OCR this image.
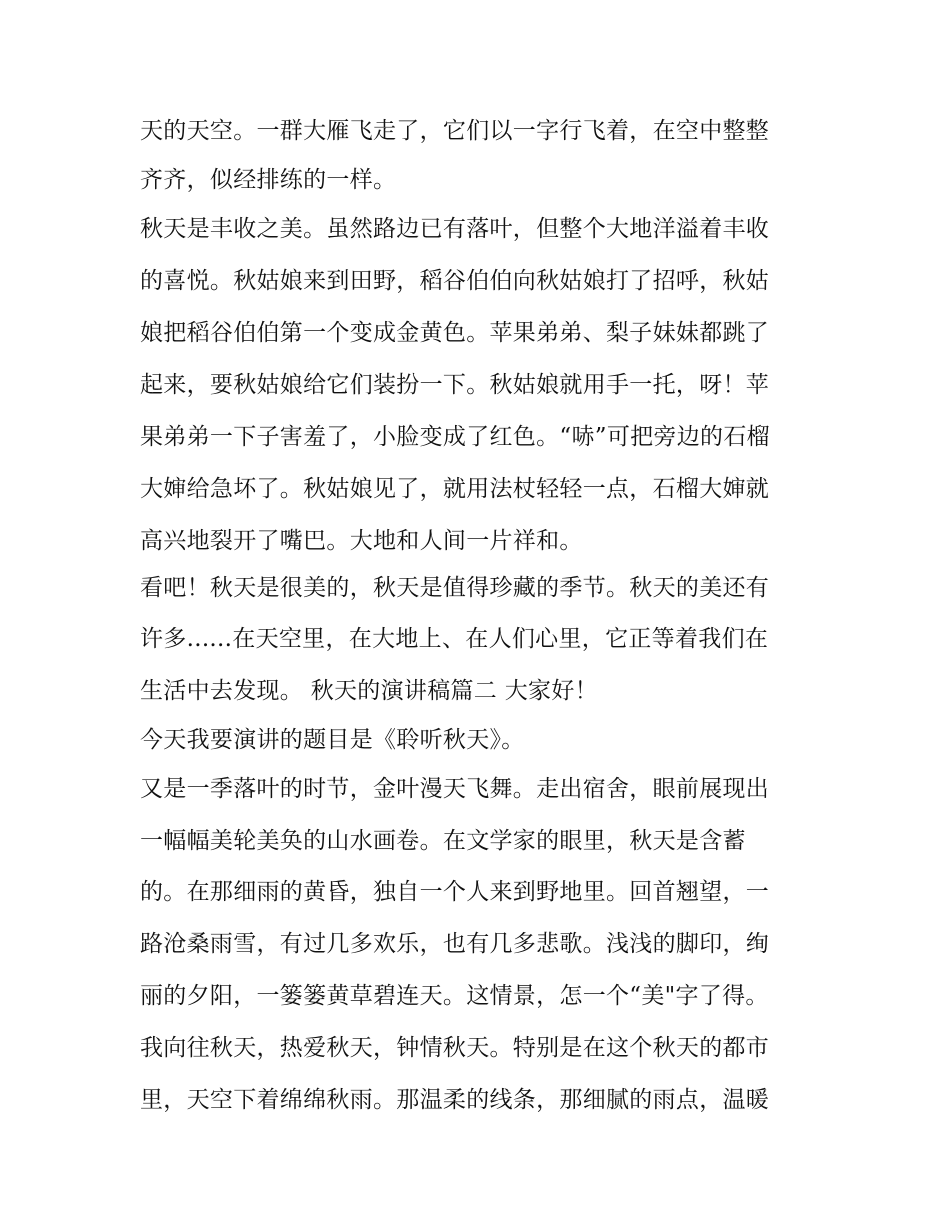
天的天空。一群大雁飞走了，它们以一字行飞着，在空中整整

齐齐，似经排练的一样。

秋天是丰收之美。虽然路边已有落叶，但整个大地洋溢着丰收

的喜悦。秋姑娘来到田野，稻谷伯伯向秋姑娘打了招呼，秋姑

娘把稻谷伯伯第一个变成金黄色。苹果弟弟、梨子妹妹都跳了

起来，要秋姑娘给它们装扮一下。秋姑娘就用手一托，呀！苹

果弟弟一下子害羞了，小脸变成了红色。“哧”可把旁边的石榴

大婶给急坏了。秋姑娘见了，就用法杖轻轻一点，石榴大婶就

高兴地裂开了嘴巴。大地和人间一片祥和。

看吧！秋天是很美的，秋天是值得珍藏的季节。秋天的美还有

许多......在天空里，在大地上、在人们心里，它正等着我们在

生活中去发现。 秋天的演讲稿篇二 大家好！

今天我要演讲的题目是《聆听秋天》。

又是一季落叶的时节，金叶漫天飞舞。走出宿舍，眼前展现出

一幅幅美轮美奂的山水画卷。在文学家的眼里，秋天是含蓄

的。在那细雨的黄昏，独自一个人来到野地里。回首翘望，一

路沧桑雨雪，有过几多欢乐，也有几多悲歌。浅浅的脚印，绚

丽的夕阳，一篓篓黄草碧连天。这情景，怎一个“美"字了得。

我向往秋天，热爱秋天，钟情秋天。特别是在这个秋天的都市

里，天空下着绵绵秋雨。那温柔的线条，那细腻的雨点，温暖
